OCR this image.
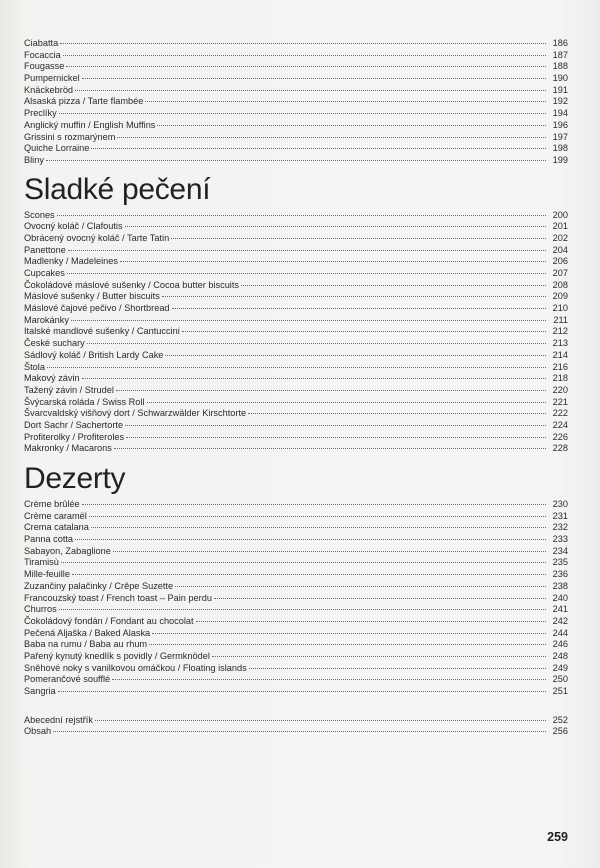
Ciabatta	186
Focaccia	187
Fougasse	188
Pumpernickel	190
Knäckebröd	191
Alsaská pizza / Tarte flambée	192
Preclíky	194
Anglický muffin / English Muffins	196
Grissini s rozmarýnem	197
Quiche Lorraine	198
Bliny	199
Sladké pečení
Scones	200
Ovocný koláč / Clafoutis	201
Obrácený ovocný koláč / Tarte Tatin	202
Panettone	204
Madlenky / Madeleines	206
Cupcakes	207
Čokoládové máslové sušenky / Cocoa butter biscuits	208
Máslové sušenky / Butter biscuits	209
Máslové čajové pečivo / Shortbread	210
Marokánky	211
Italské mandlové sušenky / Cantuccini	212
České suchary	213
Sádlový koláč / British Lardy Cake	214
Štola	216
Makový závin	218
Tažený závin / Strudel	220
Švýcarská roláda / Swiss Roll	221
Švarcvaldský višňový dort / Schwarzwälder Kirschtorte	222
Dort Sachr / Sachertorte	224
Profiterolky / Profiteroles	226
Makronky / Macarons	228
Dezerty
Crème brûlée	230
Crème caramël	231
Crema catalana	232
Panna cotta	233
Sabayon, Zabaglione	234
Tiramisù	235
Mille-feuille	236
Zuzančiny palačinky / Crêpe Suzette	238
Francouzský toast / French toast – Pain perdu	240
Churros	241
Čokoládový fondán / Fondant au chocolat	242
Pečená Aljaška / Baked Alaska	244
Baba na rumu / Baba au rhum	246
Pařený kynutý knedlík s povidly / Germknödel	248
Sněhové noky s vanilkovou omáčkou / Floating islands	249
Pomerančové soufflé	250
Sangria	251
Abecední rejstřík	252
Obsah	256
259
